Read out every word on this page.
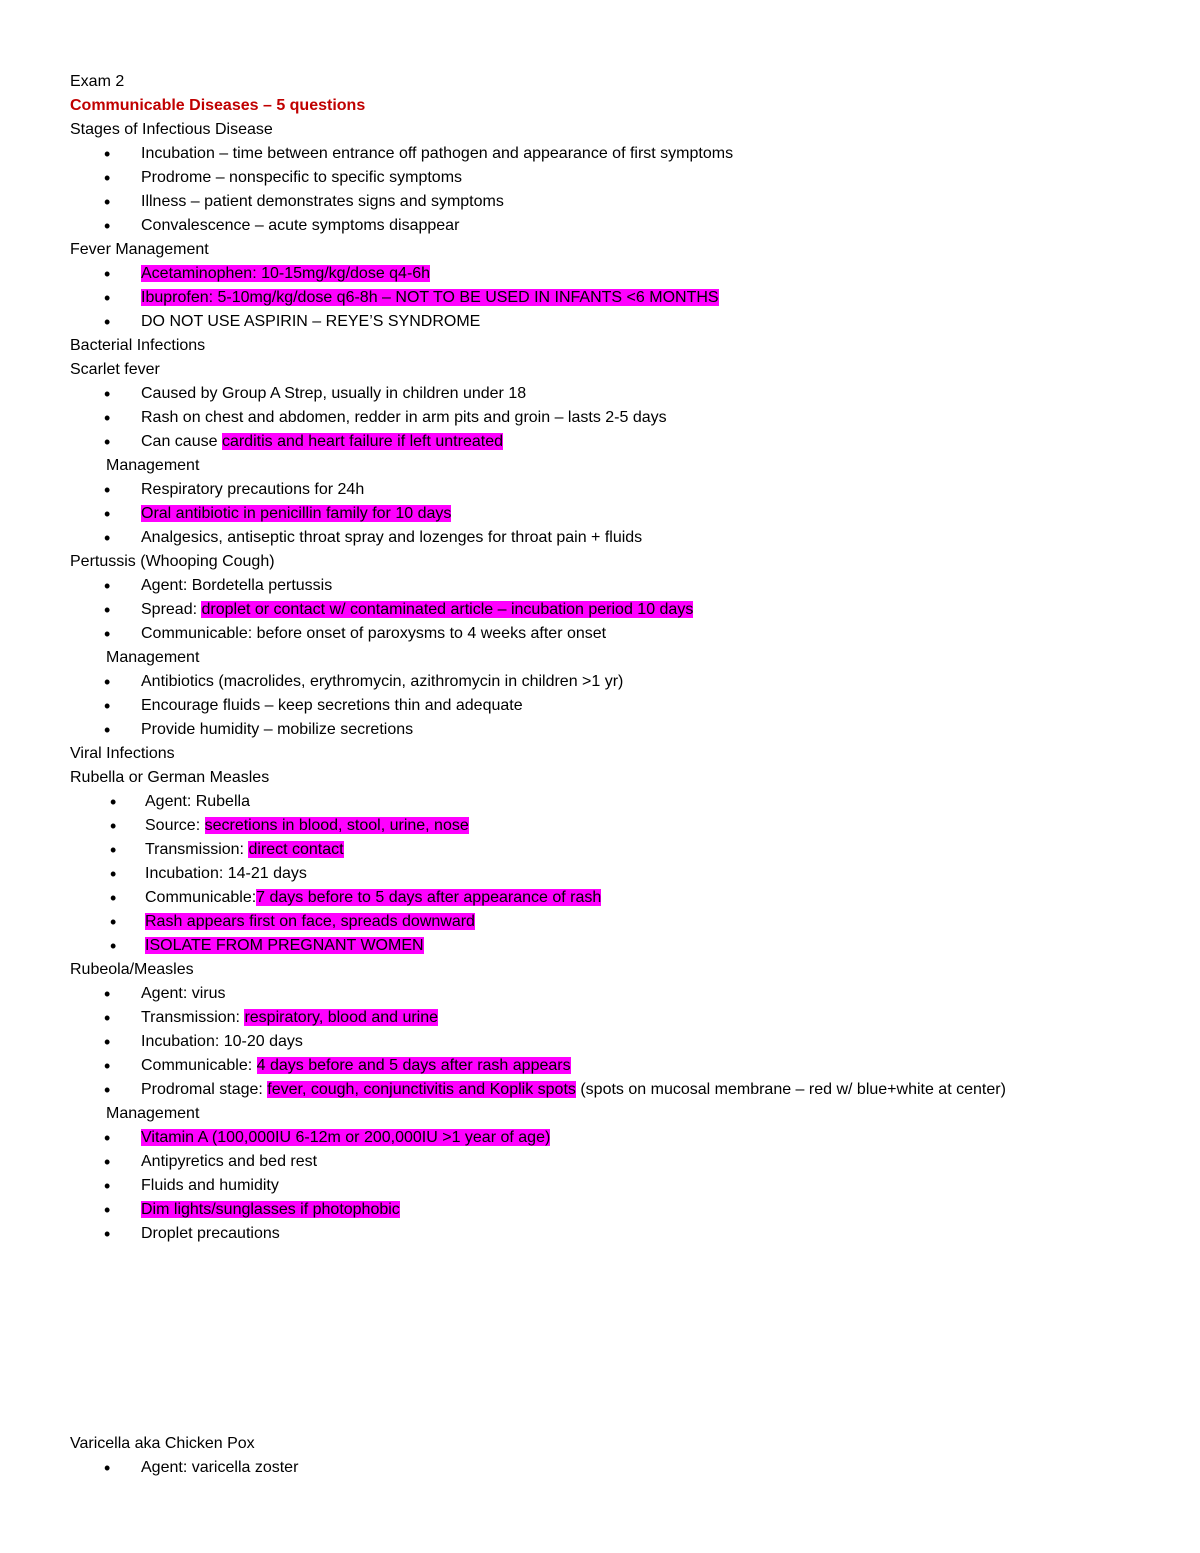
Exam 2
Communicable Diseases – 5 questions
Stages of Infectious Disease
• Incubation – time between entrance off pathogen and appearance of first symptoms
• Prodrome – nonspecific to specific symptoms
• Illness – patient demonstrates signs and symptoms
• Convalescence – acute symptoms disappear
Fever Management
• Acetaminophen: 10-15mg/kg/dose q4-6h
• Ibuprofen: 5-10mg/kg/dose q6-8h – NOT TO BE USED IN INFANTS <6 MONTHS
• DO NOT USE ASPIRIN – REYE’S SYNDROME
Bacterial Infections
Scarlet fever
• Caused by Group A Strep, usually in children under 18
• Rash on chest and abdomen, redder in arm pits and groin – lasts 2-5 days
• Can cause carditis and heart failure if left untreated
Management
• Respiratory precautions for 24h
• Oral antibiotic in penicillin family for 10 days
• Analgesics, antiseptic throat spray and lozenges for throat pain + fluids
Pertussis (Whooping Cough)
• Agent: Bordetella pertussis
• Spread: droplet or contact w/ contaminated article – incubation period 10 days
• Communicable: before onset of paroxysms to 4 weeks after onset
Management
• Antibiotics (macrolides, erythromycin, azithromycin in children >1 yr)
• Encourage fluids – keep secretions thin and adequate
• Provide humidity – mobilize secretions
Viral Infections
Rubella or German Measles
• Agent: Rubella
• Source: secretions in blood, stool, urine, nose
• Transmission: direct contact
• Incubation: 14-21 days
• Communicable:7 days before to 5 days after appearance of rash
• Rash appears first on face, spreads downward
• ISOLATE FROM PREGNANT WOMEN
Rubeola/Measles
• Agent: virus
• Transmission: respiratory, blood and urine
• Incubation: 10-20 days
• Communicable: 4 days before and 5 days after rash appears
• Prodromal stage: fever, cough, conjunctivitis and Koplik spots (spots on mucosal membrane – red w/ blue+white at center)
Management
• Vitamin A (100,000IU 6-12m or 200,000IU >1 year of age)
• Antipyretics and bed rest
• Fluids and humidity
• Dim lights/sunglasses if photophobic
• Droplet precautions
Varicella aka Chicken Pox
• Agent: varicella zoster
